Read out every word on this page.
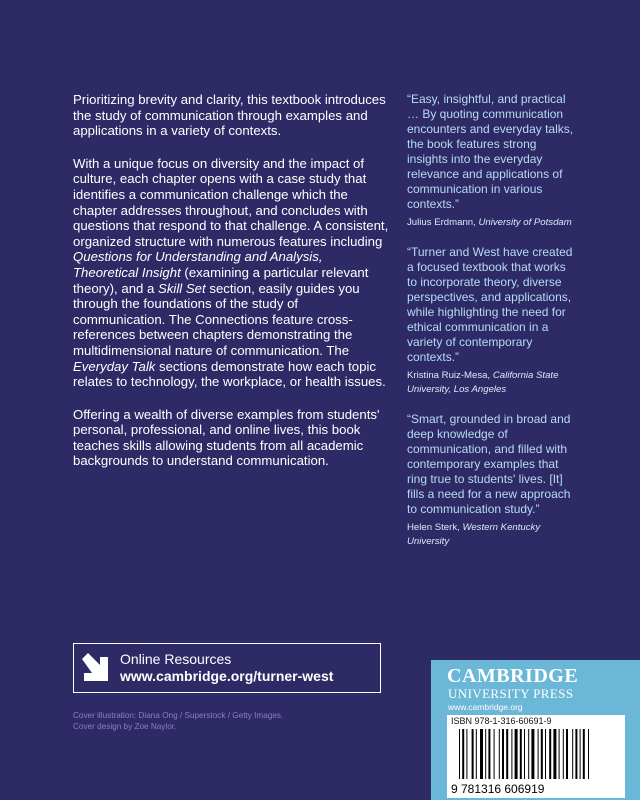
Prioritizing brevity and clarity, this textbook introduces the study of communication through examples and applications in a variety of contexts.

With a unique focus on diversity and the impact of culture, each chapter opens with a case study that identifies a communication challenge which the chapter addresses throughout, and concludes with questions that respond to that challenge. A consistent, organized structure with numerous features including Questions for Understanding and Analysis, Theoretical Insight (examining a particular relevant theory), and a Skill Set section, easily guides you through the foundations of the study of communication. The Connections feature cross-references between chapters demonstrating the multidimensional nature of communication. The Everyday Talk sections demonstrate how each topic relates to technology, the workplace, or health issues.

Offering a wealth of diverse examples from students' personal, professional, and online lives, this book teaches skills allowing students from all academic backgrounds to understand communication.

“Easy, insightful, and practical … By quoting communication encounters and everyday talks, the book features strong insights into the everyday relevance and applications of communication in various contexts.”

Julius Erdmann, University of Potsdam

“Turner and West have created a focused textbook that works to incorporate theory, diverse perspectives, and applications, while highlighting the need for ethical communication in a variety of contemporary contexts.”

Kristina Ruiz-Mesa, California State University, Los Angeles

“Smart, grounded in broad and deep knowledge of communication, and filled with contemporary examples that ring true to students' lives. [It] fills a need for a new approach to communication study.”

Helen Sterk, Western Kentucky University

Online Resources
www.cambridge.org/turner-west
Cover illustration: Diana Ong / Superstock / Getty Images.
Cover design by Zoe Naylor.
CAMBRIDGE
UNIVERSITY PRESS
www.cambridge.org
ISBN 978-1-316-60691-9
9 781316 606919
